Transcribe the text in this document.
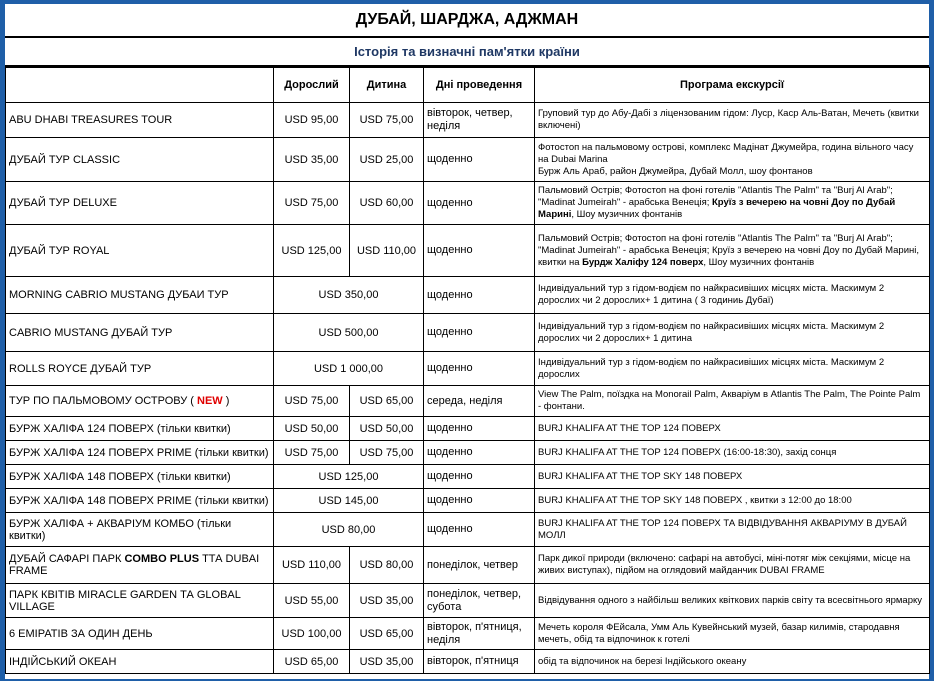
ДУБАЙ, ШАРДЖА, АДЖМАН
Історія та визначні пам'ятки країни
	Дорослий	Дитина	Дні проведення	Програма екскурсії
ABU DHABI TREASURES TOUR	USD 95,00	USD 75,00	вівторок, четвер, неділя	Груповий тур до Абу-Дабі з ліцензованим гідом: Луср, Каср Аль-Ватан, Мечеть (квитки включені)
ДУБАЙ ТУР CLASSIC	USD 35,00	USD 25,00	щоденно	Фотостоп на пальмовому острові, комплекс Мадінат Джумейра, година вільного часу на Dubai Marina
Бурж Аль Араб, район Джумейра, Дубай Молл, шоу фонтанов
ДУБАЙ ТУР DELUXE	USD 75,00	USD 60,00	щоденно	Пальмовий Острів; Фотостоп на фоні готелів "Atlantis The Palm" та "Burj Al Arab"; "Madinat Jumeirah" - арабська Венеція; Круїз з вечерею на човні Доу по Дубай Марині, Шоу музичних фонтанів
ДУБАЙ ТУР ROYAL	USD 125,00	USD 110,00	щоденно	Пальмовий Острів; Фотостоп на фоні готелів "Atlantis The Palm" та "Burj Al Arab"; "Madinat Jumeirah" - арабська Венеція; Круїз з вечерею на човні Доу по Дубай Марині, квитки на Бурдж Халіфу 124 поверх, Шоу музичних фонтанів
MORNING CABRIO MUSTANG ДУБАИ ТУР	USD 350,00		щоденно	Індивідуальний тур з гідом-водієм по найкрасивіших місцях міста. Маскимум 2 дорослих чи 2 дорослих+ 1 дитина ( 3 годиниь Дубаї)
CABRIO MUSTANG ДУБАЙ ТУР	USD 500,00		щоденно	Індивідуальний тур з гідом-водієм по найкрасивіших місцях міста. Маскимум 2 дорослих чи 2 дорослих+ 1 дитина
ROLLS ROYCE ДУБАЙ ТУР	USD 1 000,00		щоденно	Індивідуальний тур з гідом-водієм по найкрасивіших місцях міста. Маскимум 2 дорослих
ТУР ПО ПАЛЬМОВОМУ ОСТРОВУ ( NEW )	USD 75,00	USD 65,00	середа, неділя	View The Palm, поїздка на Monorail Palm, Акваріум в Atlantis The Palm, The Pointe Palm - фонтани.
БУРЖ ХАЛІФА 124 ПОВЕРХ (тільки квитки)	USD 50,00	USD 50,00	щоденно	BURJ KHALIFA AT THE TOP 124 ПОВЕРХ
БУРЖ ХАЛІФА 124 ПОВЕРХ PRIME (тільки квитки)	USD 75,00	USD 75,00	щоденно	BURJ KHALIFA AT THE TOP 124 ПОВЕРХ (16:00-18:30), захід сонця
БУРЖ ХАЛІФА 148 ПОВЕРХ (тільки квитки)	USD 125,00		щоденно	BURJ KHALIFA AT THE TOP SKY 148 ПОВЕРХ
БУРЖ ХАЛІФА 148 ПОВЕРХ PRIME (тільки квитки)	USD 145,00		щоденно	BURJ KHALIFA AT THE TOP SKY 148 ПОВЕРХ , квитки з 12:00 до 18:00
БУРЖ ХАЛІФА + АКВАРІУМ КОМБО (тільки квитки)	USD 80,00		щоденно	BURJ KHALIFA AT THE TOP 124 ПОВЕРХ ТА ВІДВІДУВАННЯ АКВАРІУМУ В ДУБАЙ МОЛЛ
ДУБАЙ САФАРІ ПАРК COMBO PLUS ТТА DUBAI FRAME	USD 110,00	USD 80,00	понеділок, четвер	Парк дикої природи (включено: сафарі на автобусі, міні-потяг між секціями, місце на живих виступах), підйом на оглядовий майданчик DUBAI FRAME
ПАРК КВІТІВ MIRACLE GARDEN ТА GLOBAL VILLAGE	USD 55,00	USD 35,00	понеділок, четвер, субота	Відвідування одного з найбільш великих квіткових парків світу та всесвітнього ярмарку
6 ЕМІРАТІВ ЗА ОДИН ДЕНЬ	USD 100,00	USD 65,00	вівторок, п'ятниця, неділя	Мечеть короля ФЕйсала, Умм Аль Кувейнський музей, базар килимів, стародавня мечеть, обід та відпочинок к готелі
ІНДІЙСЬКИЙ ОКЕАН	USD 65,00	USD 35,00	вівторок, п'ятниця	обід та відпочинок на березі Індійського океану
